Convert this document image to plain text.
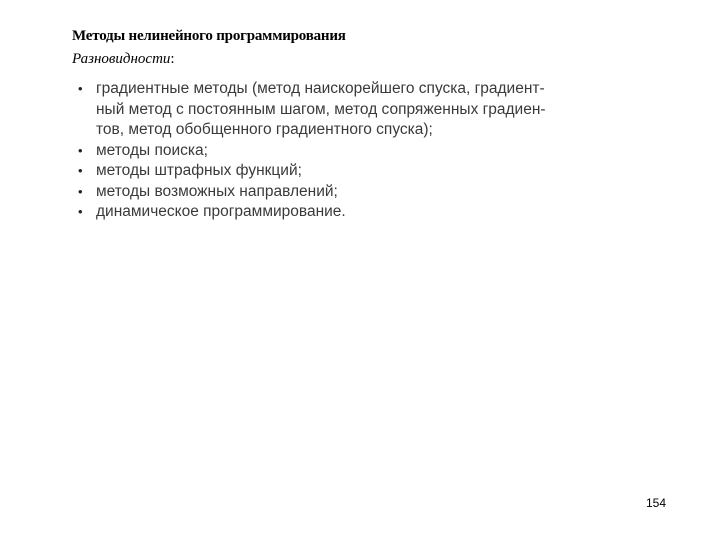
Методы нелинейного программирования
Разновидности:
• градиентные методы (метод наискорейшего спуска, градиент-
ный метод с постоянным шагом, метод сопряженных градиен-
тов, метод обобщенного градиентного спуска);
• методы поиска;
• методы штрафных функций;
• методы возможных направлений;
• динамическое программирование.
154
